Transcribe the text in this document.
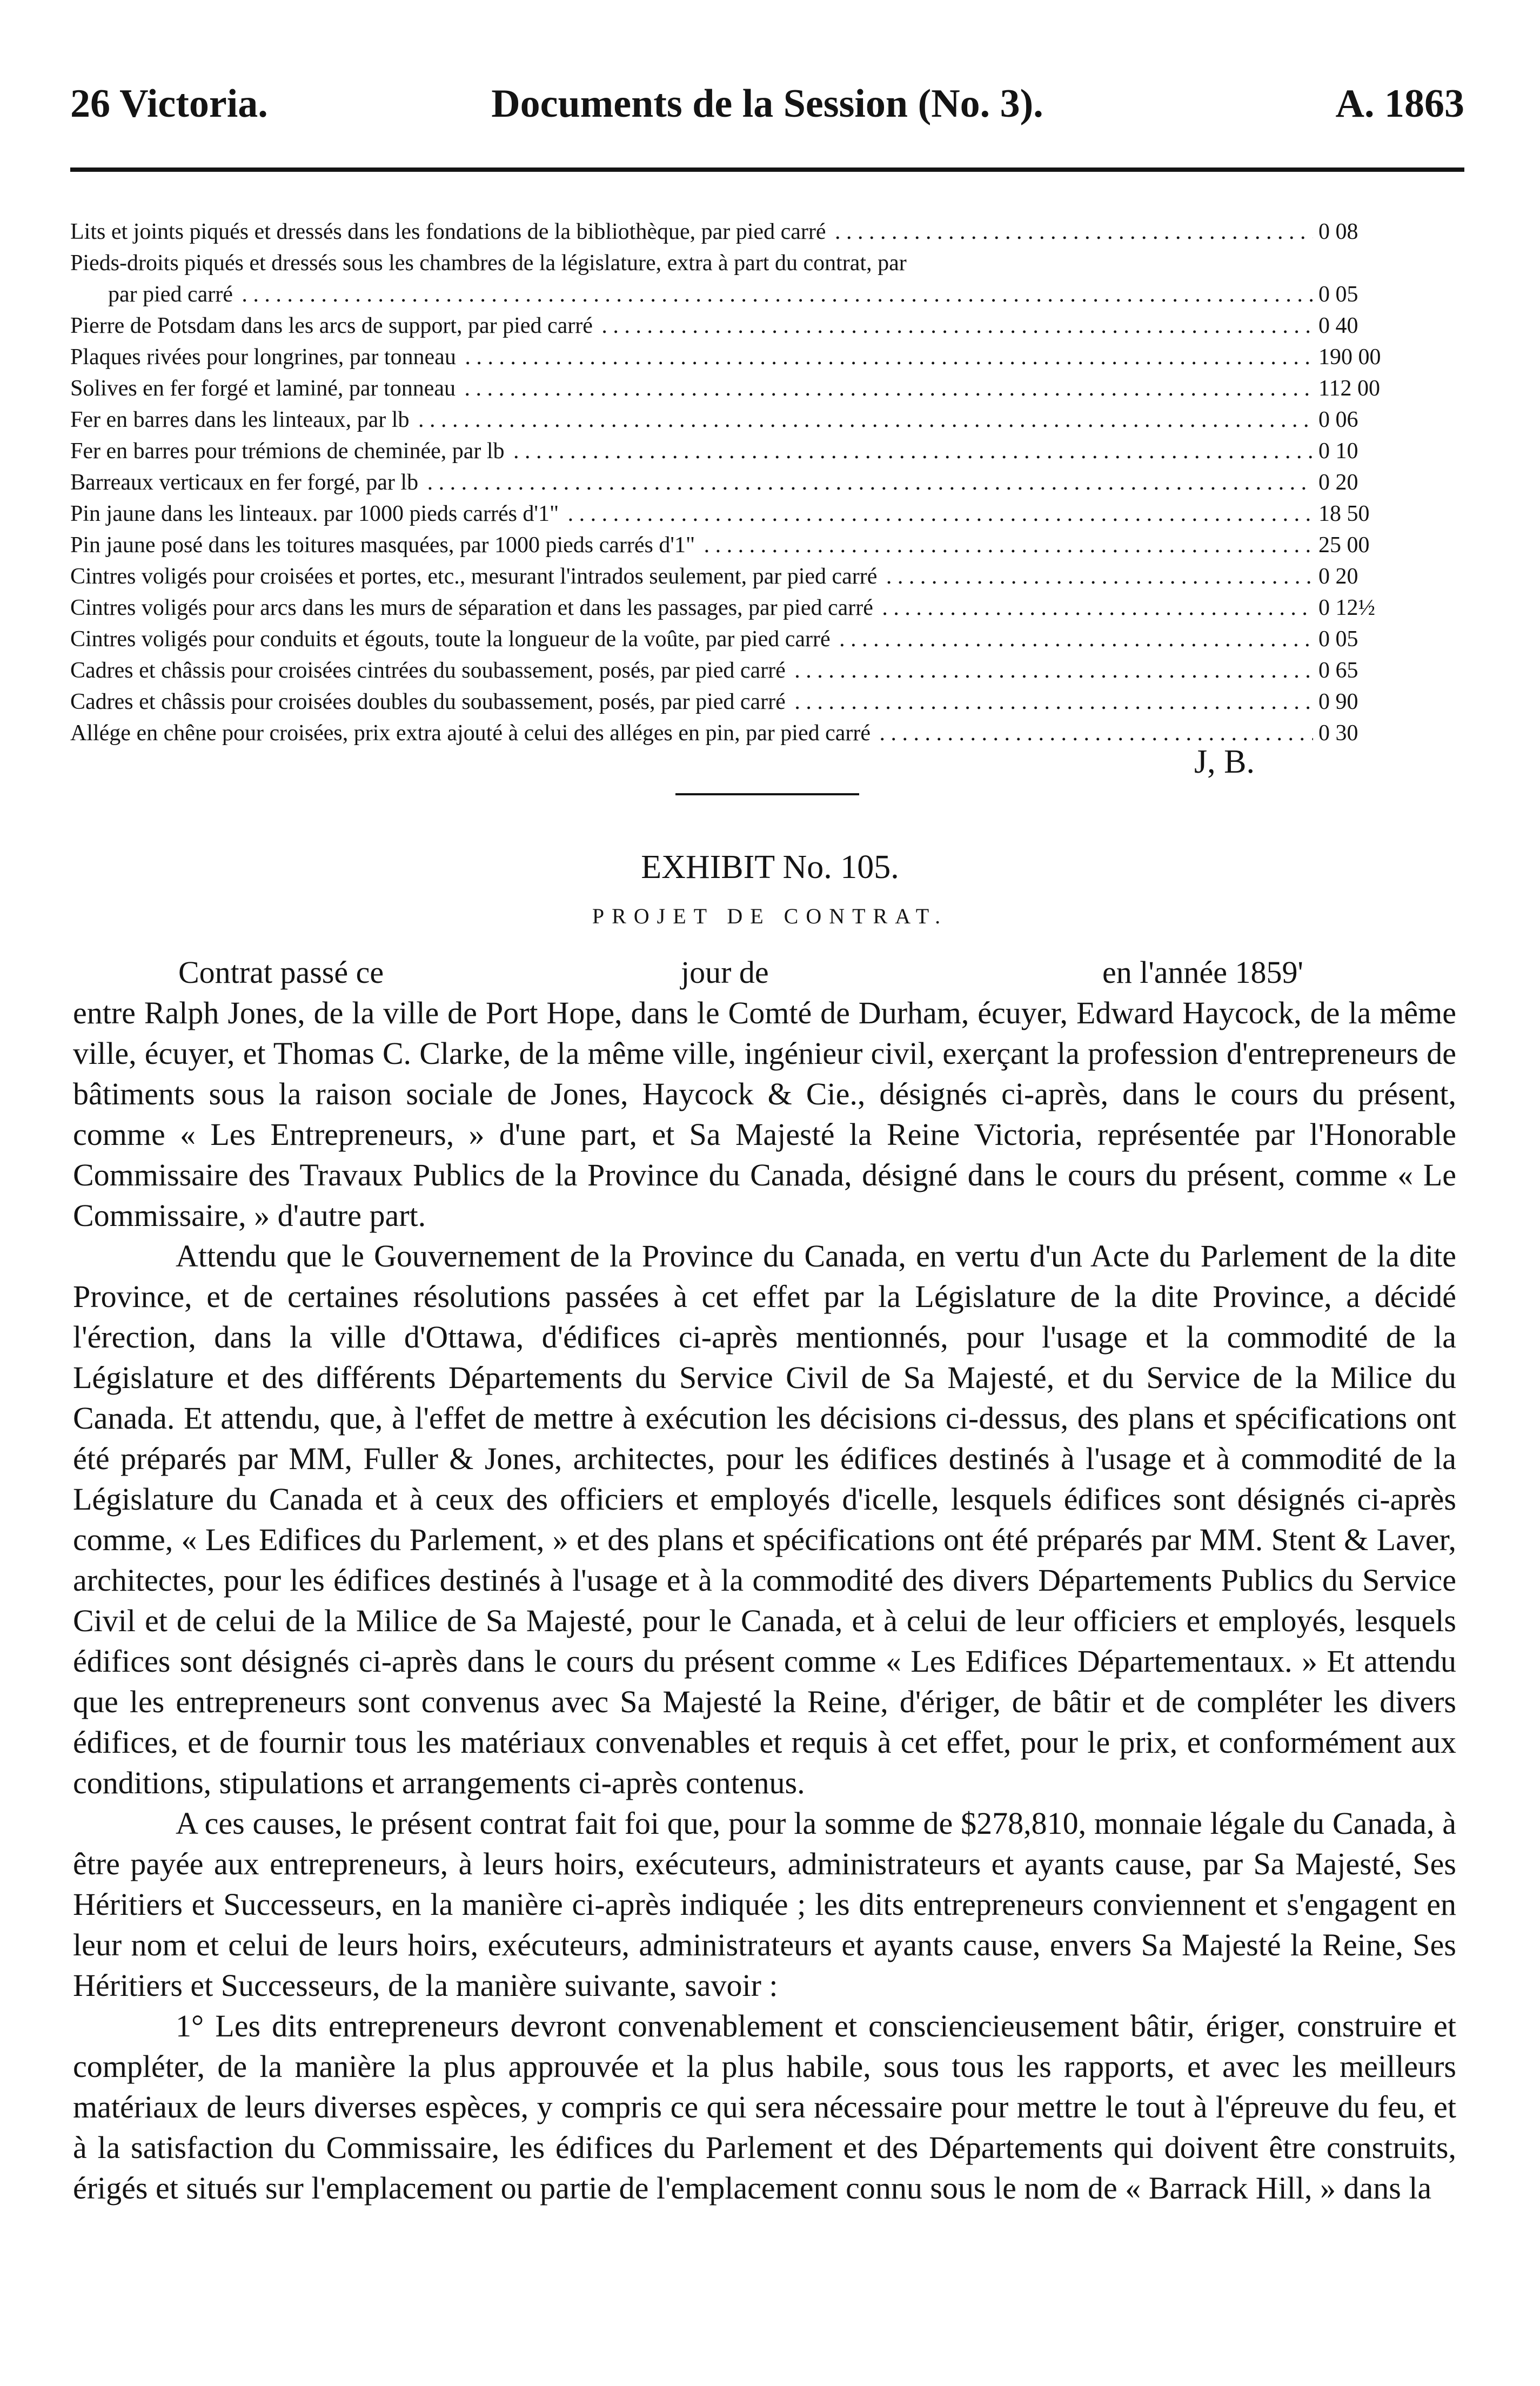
26 Victoria.	Documents de la Session (No. 3).	A. 1863
Lits et joints piqués et dressés dans les fondations de la bibliothèque, par pied carré . . .	0 08
Pieds-droits piqués et dressés sous les chambres de la législature, extra à part du contrat, par
par pied carré . . .	0 05
Pierre de Potsdam dans les arcs de support, par pied carré . . .	0 40
Plaques rivées pour longrines, par tonneau . . .	190 00
Solives en fer forgé et laminé, par tonneau . . .	112 00
Fer en barres dans les linteaux, par lb . . .	0 06
Fer en barres pour trémions de cheminée, par lb . . .	0 10
Barreaux verticaux en fer forgé, par lb . . .	0 20
Pin jaune dans les linteaux. par 1000 pieds carrés d'1" . . .	18 50
Pin jaune posé dans les toitures masquées, par 1000 pieds carrés d'1" . . .	25 00
Cintres voligés pour croisées et portes, etc., mesurant l'intrados seulement, par pied carré . . .	0 20
Cintres voligés pour arcs dans les murs de séparation et dans les passages, par pied carré . . .	0 12½
Cintres voligés pour conduits et égouts, toute la longueur de la voûte, par pied carré . . .	0 05
Cadres et châssis pour croisées cintrées du soubassement, posés, par pied carré . . .	0 65
Cadres et châssis pour croisées doubles du soubassement, posés, par pied carré . . .	0 90
Allége en chêne pour croisées, prix extra ajouté à celui des alléges en pin, par pied carré . . .	0 30
J, B.
EXHIBIT No. 105.
PROJET DE CONTRAT.
Contrat passé ce	jour de	en l'année 1859'

entre Ralph Jones, de la ville de Port Hope, dans le Comté de Durham, écuyer, Edward Haycock, de la même ville, écuyer, et Thomas C. Clarke, de la même ville, ingénieur civil, exerçant la profession d'entrepreneurs de bâtiments sous la raison sociale de Jones, Haycock & Cie., désignés ci-après, dans le cours du présent, comme « Les Entrepreneurs, » d'une part, et Sa Majesté la Reine Victoria, représentée par l'Honorable Commissaire des Travaux Publics de la Province du Canada, désigné dans le cours du présent, comme « Le Commissaire, » d'autre part.

Attendu que le Gouvernement de la Province du Canada, en vertu d'un Acte du Parlement de la dite Province, et de certaines résolutions passées à cet effet par la Législature de la dite Province, a décidé l'érection, dans la ville d'Ottawa, d'édifices ci-après mentionnés, pour l'usage et la commodité de la Législature et des différents Départements du Service Civil de Sa Majesté, et du Service de la Milice du Canada. Et attendu, que, à l'effet de mettre à exécution les décisions ci-dessus, des plans et spécifications ont été préparés par MM, Fuller & Jones, architectes, pour les édifices destinés à l'usage et à commodité de la Législature du Canada et à ceux des officiers et employés d'icelle, lesquels édifices sont désignés ci-après comme, « Les Edifices du Parlement, » et des plans et spécifications ont été préparés par MM. Stent & Laver, architectes, pour les édifices destinés à l'usage et à la commodité des divers Départements Publics du Service Civil et de celui de la Milice de Sa Majesté, pour le Canada, et à celui de leur officiers et employés, lesquels édifices sont désignés ci-après dans le cours du présent comme « Les Edifices Départementaux. » Et attendu que les entrepreneurs sont convenus avec Sa Majesté la Reine, d'ériger, de bâtir et de compléter les divers édifices, et de fournir tous les matériaux convenables et requis à cet effet, pour le prix, et conformément aux conditions, stipulations et arrangements ci-après contenus.

A ces causes, le présent contrat fait foi que, pour la somme de $278,810, monnaie légale du Canada, à être payée aux entrepreneurs, à leurs hoirs, exécuteurs, administrateurs et ayants cause, par Sa Majesté, Ses Héritiers et Successeurs, en la manière ci-après indiquée ; les dits entrepreneurs conviennent et s'engagent en leur nom et celui de leurs hoirs, exécuteurs, administrateurs et ayants cause, envers Sa Majesté la Reine, Ses Héritiers et Successeurs, de la manière suivante, savoir :

1° Les dits entrepreneurs devront convenablement et consciencieusement bâtir, ériger, construire et compléter, de la manière la plus approuvée et la plus habile, sous tous les rapports, et avec les meilleurs matériaux de leurs diverses espèces, y compris ce qui sera nécessaire pour mettre le tout à l'épreuve du feu, et à la satisfaction du Commissaire, les édifices du Parlement et des Départements qui doivent être construits, érigés et situés sur l'emplacement ou partie de l'emplacement connu sous le nom de « Barrack Hill, » dans la
